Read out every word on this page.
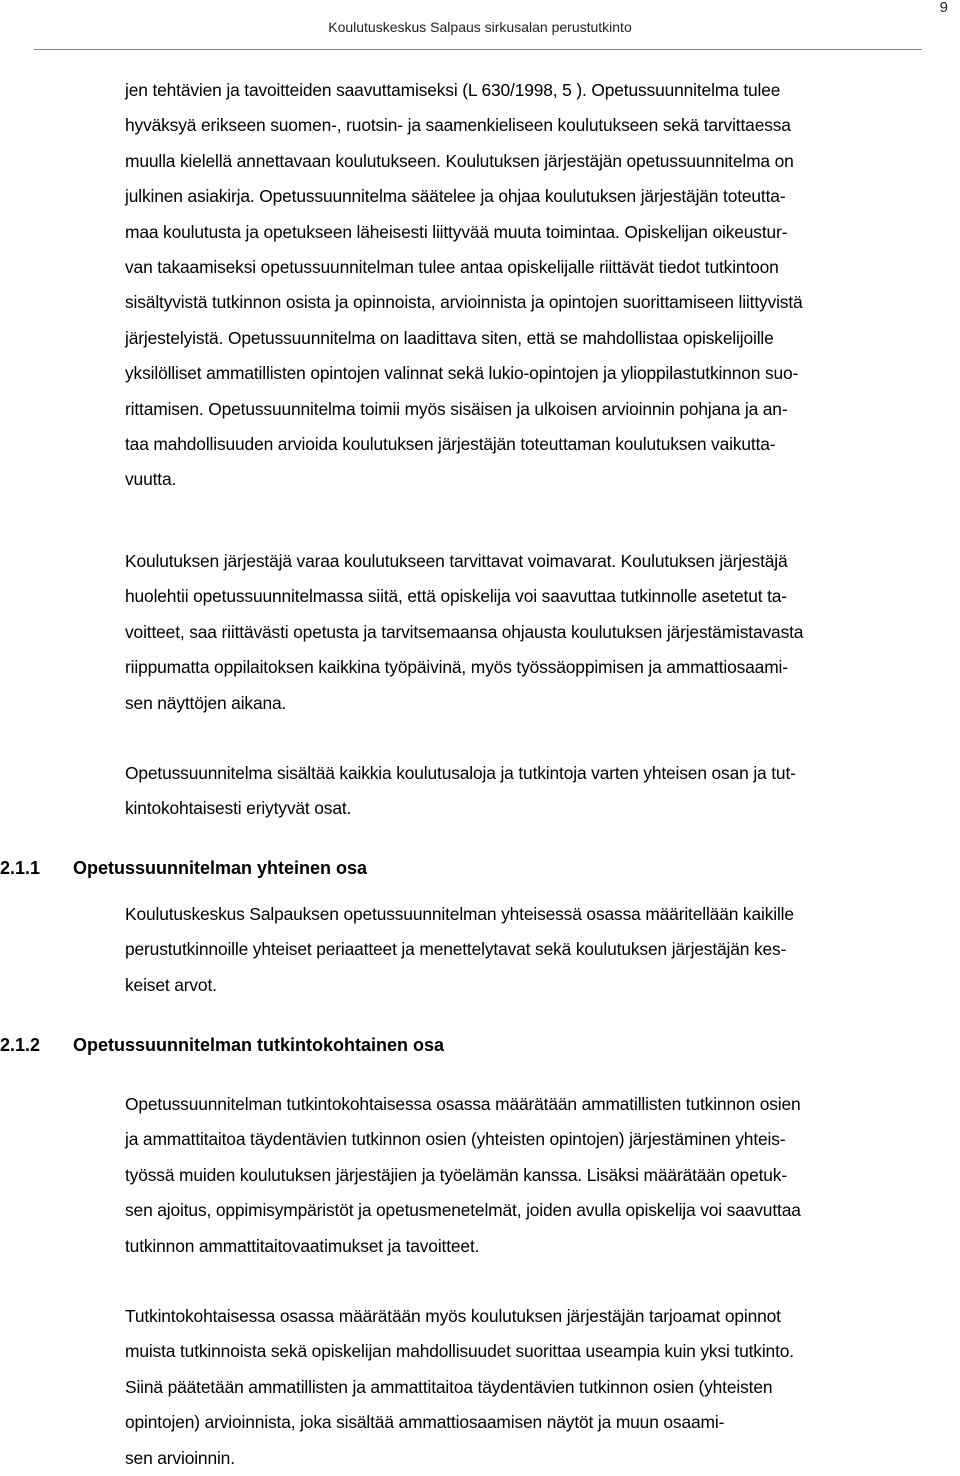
9
Koulutuskeskus Salpaus sirkusalan perustutkinto

jen tehtävien ja tavoitteiden saavuttamiseksi (L 630/1998, 5 ). Opetussuunnitelma tulee
hyväksyä erikseen suomen-, ruotsin- ja saamenkieliseen koulutukseen sekä tarvittaessa
muulla kielellä annettavaan koulutukseen. Koulutuksen järjestäjän opetussuunnitelma on
julkinen asiakirja. Opetussuunnitelma säätelee ja ohjaa koulutuksen järjestäjän toteutta-
maa koulutusta ja opetukseen läheisesti liittyvää muuta toimintaa. Opiskelijan oikeustur-
van takaamiseksi opetussuunnitelman tulee antaa opiskelijalle riittävät tiedot tutkintoon
sisältyvistä tutkinnon osista ja opinnoista, arvioinnista ja opintojen suorittamiseen liittyvistä
järjestelyistä. Opetussuunnitelma on laadittava siten, että se mahdollistaa opiskelijoille
yksilölliset ammatillisten opintojen valinnat sekä lukio-opintojen ja ylioppilastutkinnon suo-
rittamisen. Opetussuunnitelma toimii myös sisäisen ja ulkoisen arvioinnin pohjana ja an-
taa mahdollisuuden arvioida koulutuksen järjestäjän toteuttaman koulutuksen vaikutta-
vuutta.

Koulutuksen järjestäjä varaa koulutukseen tarvittavat voimavarat. Koulutuksen järjestäjä
huolehtii opetussuunnitelmassa siitä, että opiskelija voi saavuttaa tutkinnolle asetetut ta-
voitteet, saa riittävästi opetusta ja tarvitsemaansa ohjausta koulutuksen järjestämistavasta
riippumatta oppilaitoksen kaikkina työpäivinä, myös työssäoppimisen ja ammattiosaami-
sen näyttöjen aikana.

Opetussuunnitelma sisältää kaikkia koulutusaloja ja tutkintoja varten yhteisen osan ja tut-
kintokohtaisesti eriytyvät osat.

2.1.1 Opetussuunnitelman yhteinen osa

Koulutuskeskus Salpauksen opetussuunnitelman yhteisessä osassa määritellään kaikille
perustutkinnoille yhteiset periaatteet ja menettelytavat sekä koulutuksen järjestäjän kes-
keiset arvot.

2.1.2 Opetussuunnitelman tutkintokohtainen osa

Opetussuunnitelman tutkintokohtaisessa osassa määrätään ammatillisten tutkinnon osien
ja ammattitaitoa täydentävien tutkinnon osien (yhteisten opintojen) järjestäminen yhteis-
työssä muiden koulutuksen järjestäjien ja työelämän kanssa. Lisäksi määrätään opetuk-
sen ajoitus, oppimisympäristöt ja opetusmenetelmät, joiden avulla opiskelija voi saavuttaa
tutkinnon ammattitaitovaatimukset ja tavoitteet.

Tutkintokohtaisessa osassa määrätään myös koulutuksen järjestäjän tarjoamat opinnot
muista tutkinnoista sekä opiskelijan mahdollisuudet suorittaa useampia kuin yksi tutkinto.
Siinä päätetään ammatillisten ja ammattitaitoa täydentävien tutkinnon osien (yhteisten
opintojen) arvioinnista, joka sisältää ammattiosaamisen näytöt ja muun osaami-
sen arvioinnin.
